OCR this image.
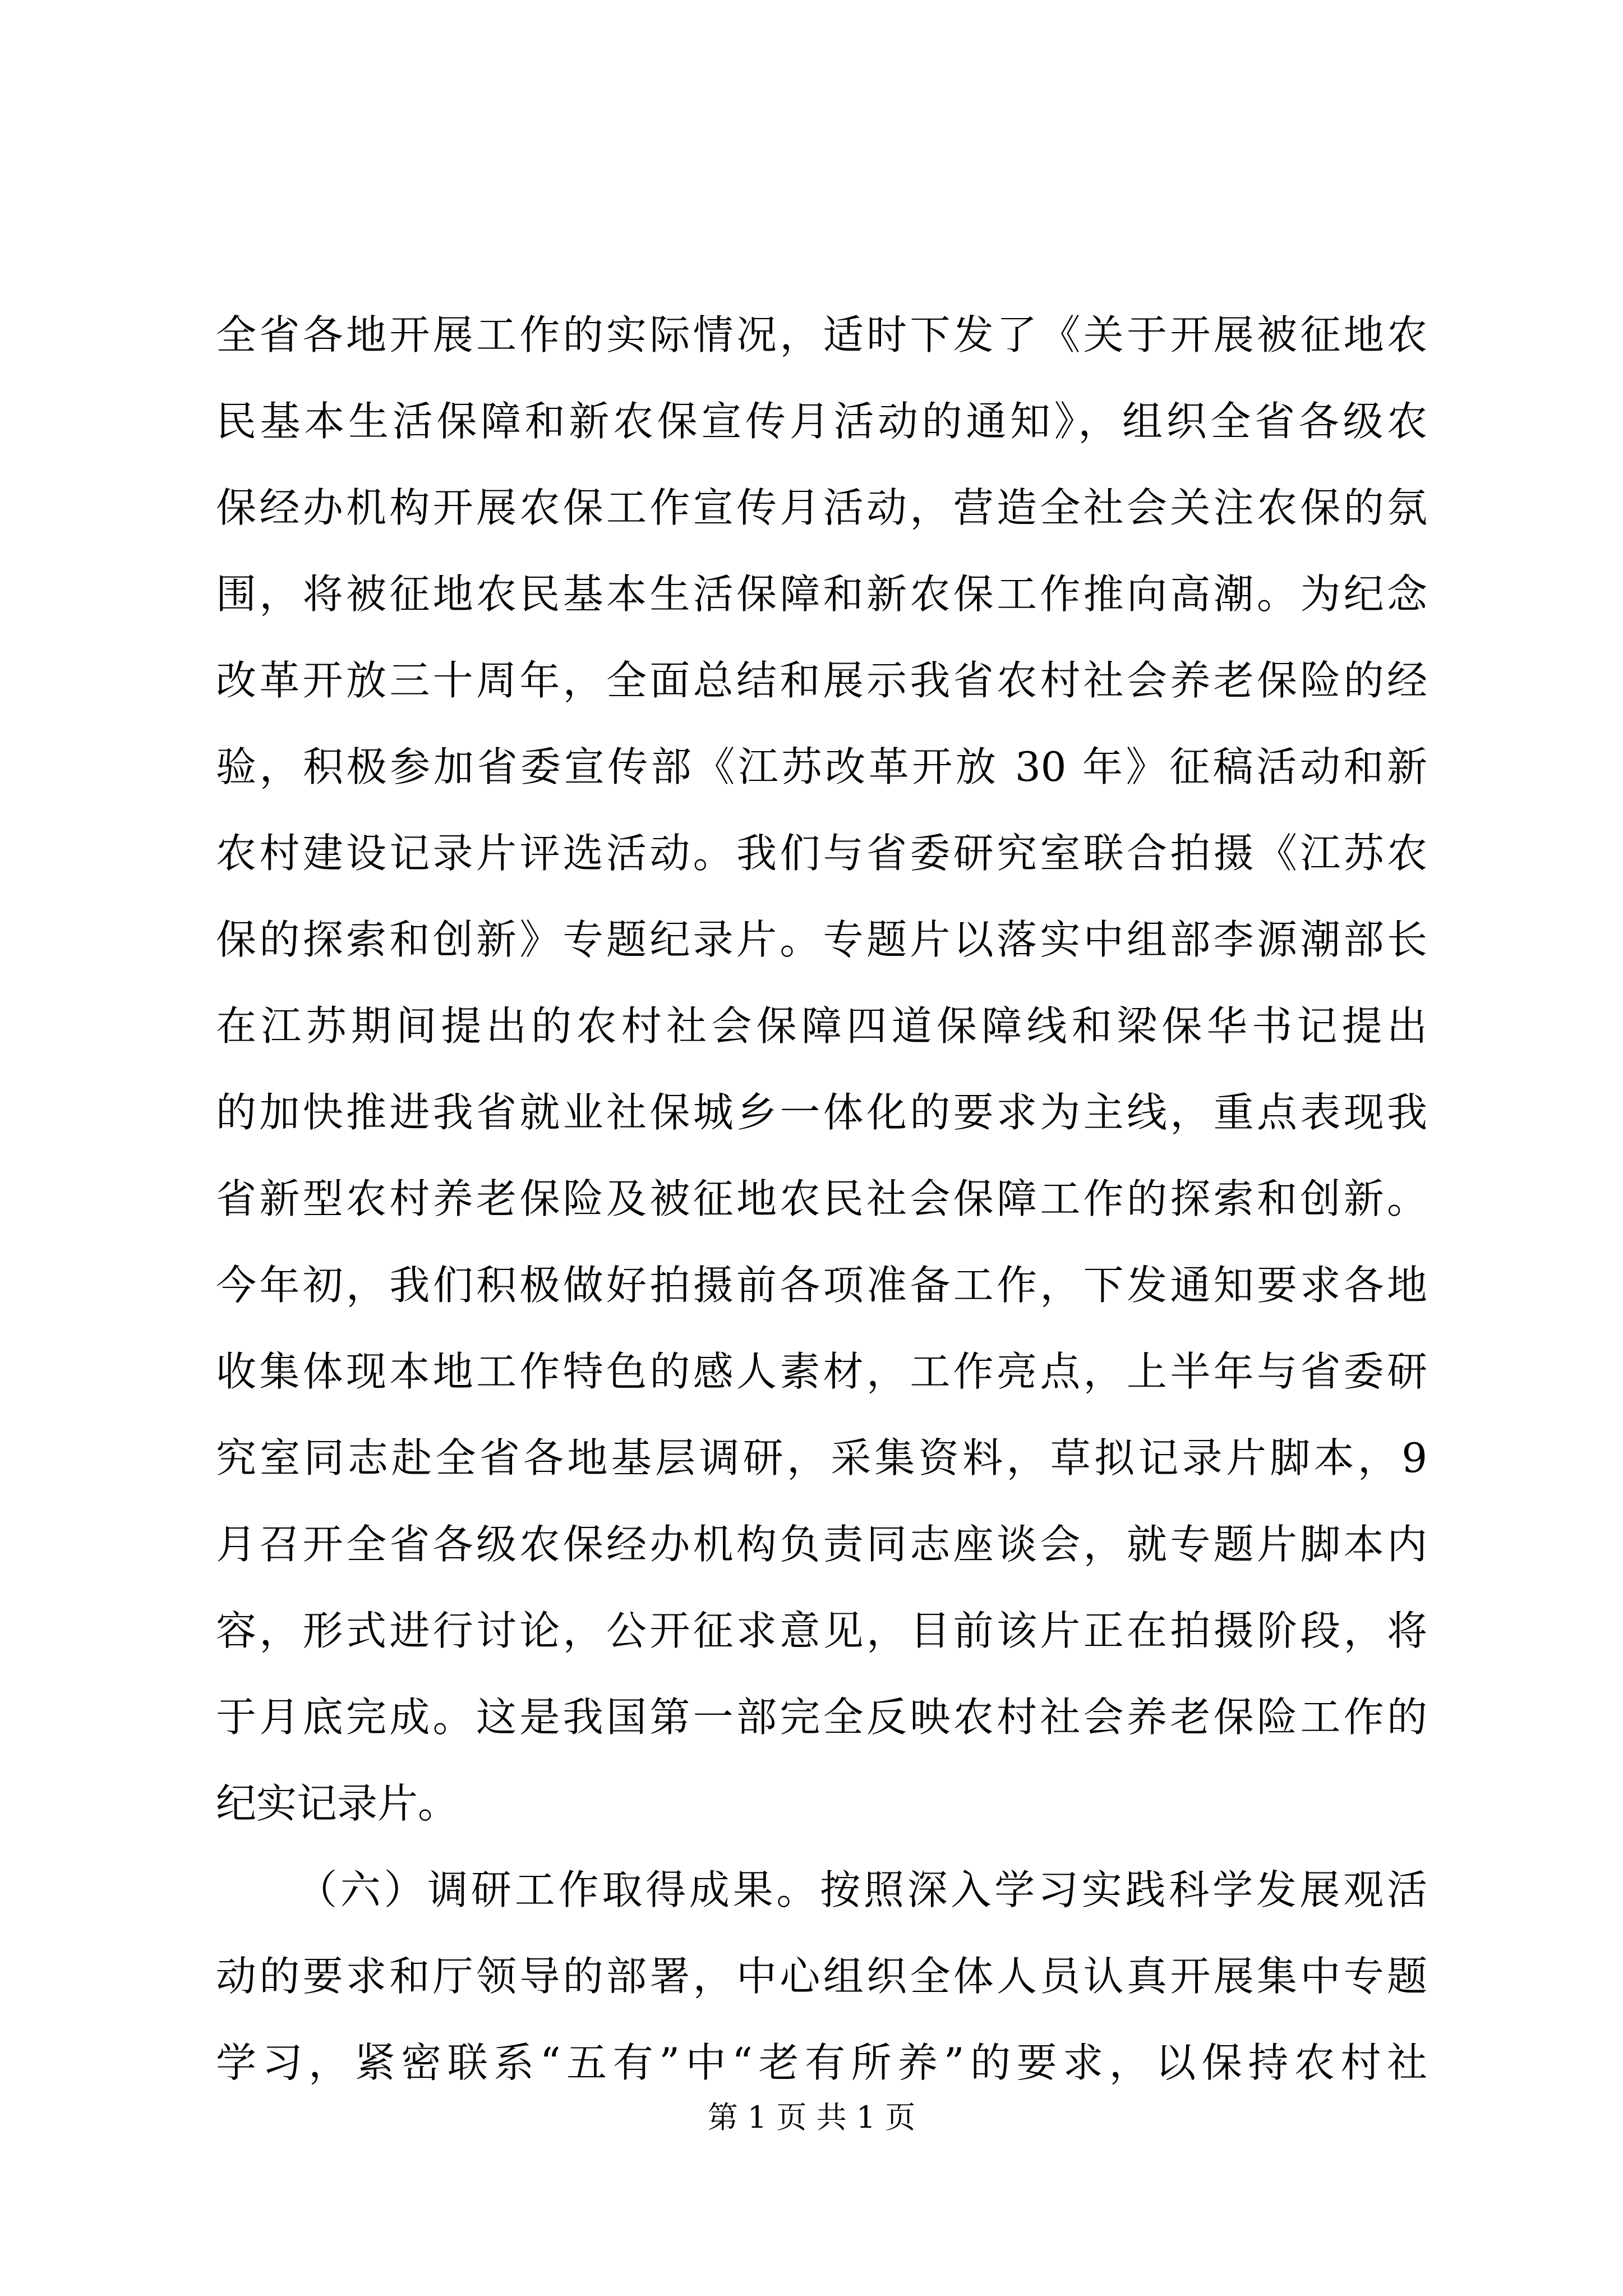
全省各地开展工作的实际情况，适时下发了《关于开展被征地农
民基本生活保障和新农保宣传月活动的通知》，组织全省各级农
保经办机构开展农保工作宣传月活动，营造全社会关注农保的氛
围，将被征地农民基本生活保障和新农保工作推向高潮。为纪念
改革开放三十周年，全面总结和展示我省农村社会养老保险的经
验，积极参加省委宣传部《江苏改革开放 30 年》征稿活动和新
农村建设记录片评选活动。我们与省委研究室联合拍摄《江苏农
保的探索和创新》专题纪录片。专题片以落实中组部李源潮部长
在江苏期间提出的农村社会保障四道保障线和梁保华书记提出
的加快推进我省就业社保城乡一体化的要求为主线，重点表现我
省新型农村养老保险及被征地农民社会保障工作的探索和创新。
今年初，我们积极做好拍摄前各项准备工作，下发通知要求各地
收集体现本地工作特色的感人素材，工作亮点，上半年与省委研
究室同志赴全省各地基层调研，采集资料，草拟记录片脚本，9
月召开全省各级农保经办机构负责同志座谈会，就专题片脚本内
容，形式进行讨论，公开征求意见，目前该片正在拍摄阶段，将
于月底完成。这是我国第一部完全反映农村社会养老保险工作的
纪实记录片。
（六）调研工作取得成果。按照深入学习实践科学发展观活
动的要求和厅领导的部署，中心组织全体人员认真开展集中专题
学习，紧密联系“五有”中“老有所养”的要求，以保持农村社
第 1 页 共 1 页
